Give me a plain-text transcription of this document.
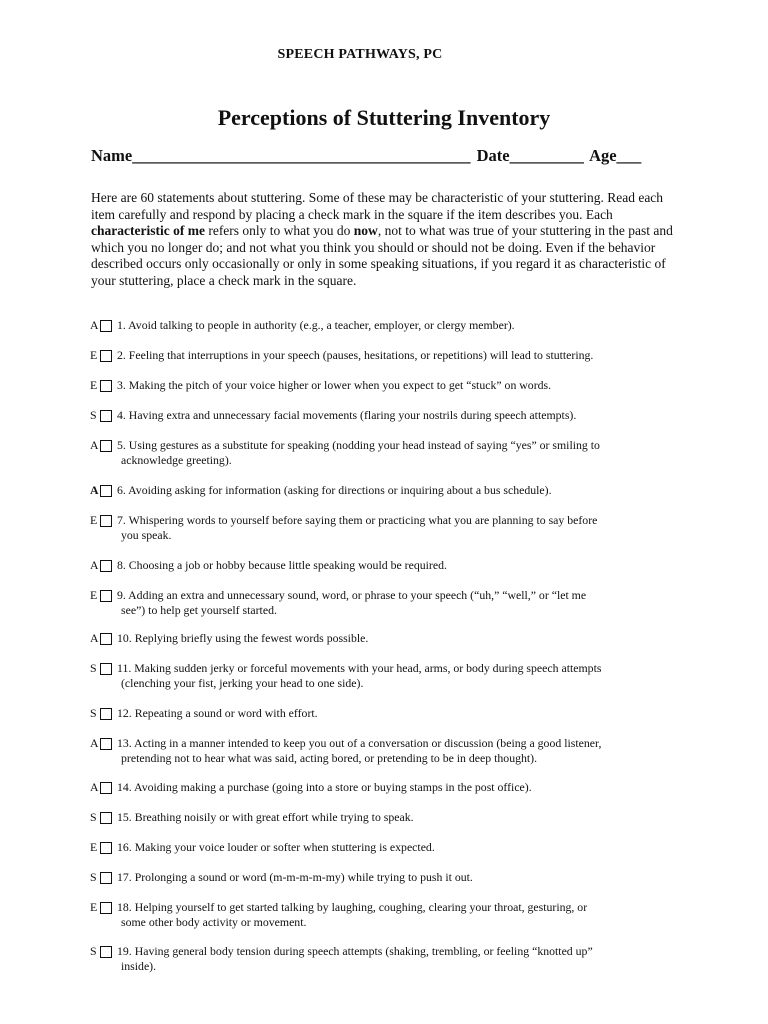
SPEECH PATHWAYS, PC
Perceptions of Stuttering Inventory
Name_________________________________________ Date_________ Age___
Here are 60 statements about stuttering. Some of these may be characteristic of your stuttering. Read each item carefully and respond by placing a check mark in the square if the item describes you. Each characteristic of me refers only to what you do now, not to what was true of your stuttering in the past and which you no longer do; and not what you think you should or should not be doing. Even if the behavior described occurs only occasionally or only in some speaking situations, if you regard it as characteristic of your stuttering, place a check mark in the square.
A 1. Avoid talking to people in authority (e.g., a teacher, employer, or clergy member).
E	2. Feeling that interruptions in your speech (pauses, hesitations, or repetitions) will lead to stuttering.
E	3. Making the pitch of your voice higher or lower when you expect to get “stuck” on words.
S	4. Having extra and unnecessary facial movements (flaring your nostrils during speech attempts).
A 5. Using gestures as a substitute for speaking (nodding your head instead of saying “yes” or smiling to
acknowledge greeting).
A 6. Avoiding asking for information (asking for directions or inquiring about a bus schedule).
E	7. Whispering words to yourself before saying them or practicing what you are planning to say before
you speak.
A 8. Choosing a job or hobby because little speaking would be required.
E	9. Adding an extra and unnecessary sound, word, or phrase to your speech (“uh,” “well,” or “let me
see”) to help get yourself started.
A 10. Replying briefly using the fewest words possible.
S	11. Making sudden jerky or forceful movements with your head, arms, or body during speech attempts
(clenching your fist, jerking your head to one side).
S	12. Repeating a sound or word with effort.
A 13. Acting in a manner intended to keep you out of a conversation or discussion (being a good listener,
pretending not to hear what was said, acting bored, or pretending to be in deep thought).
A 14. Avoiding making a purchase (going into a store or buying stamps in the post office).
S	15. Breathing noisily or with great effort while trying to speak.
E	16. Making your voice louder or softer when stuttering is expected.
S	17. Prolonging a sound or word (m-m-m-m-my) while trying to push it out.
E	18. Helping yourself to get started talking by laughing, coughing, clearing your throat, gesturing, or
some other body activity or movement.
S	19. Having general body tension during speech attempts (shaking, trembling, or feeling “knotted up”
inside).
